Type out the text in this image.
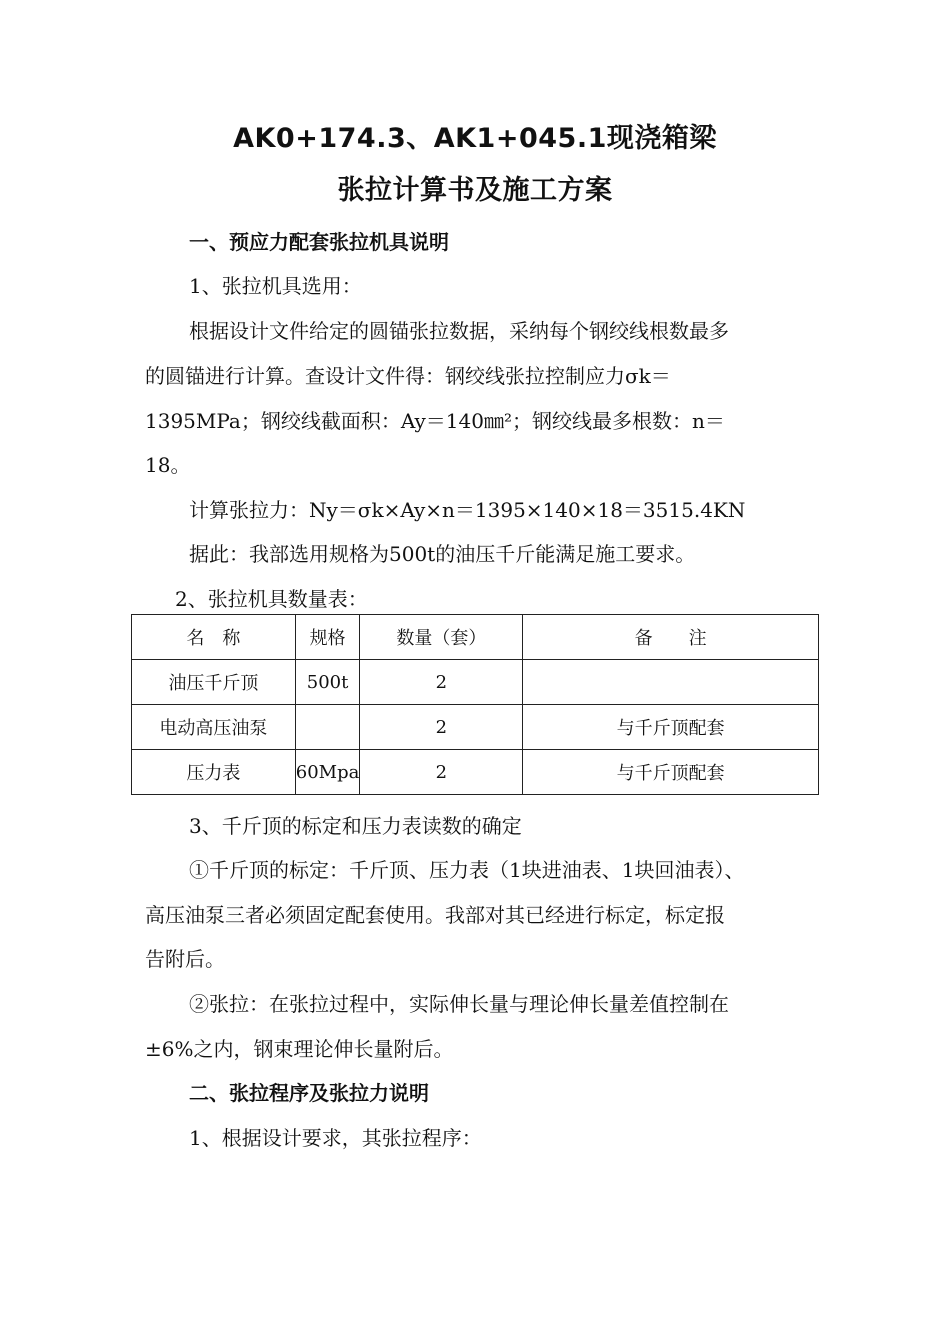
AK0+174.3、AK1+045.1现浇箱梁
张拉计算书及施工方案
一、预应力配套张拉机具说明
1、张拉机具选用：
根据设计文件给定的圆锚张拉数据，采纳每个钢绞线根数最多
的圆锚进行计算。查设计文件得：钢绞线张拉控制应力σk＝
1395MPa；钢绞线截面积：Ay＝140㎜²；钢绞线最多根数：n＝
18。
计算张拉力：Ny＝σk×Ay×n＝1395×140×18＝3515.4KN
据此：我部选用规格为500t的油压千斤能满足施工要求。
2、张拉机具数量表：
名　称	规格	数量（套）	备　　注
油压千斤顶	500t	2	
电动高压油泵		2	与千斤顶配套
压力表	60Mpa	2	与千斤顶配套
3、千斤顶的标定和压力表读数的确定
①千斤顶的标定：千斤顶、压力表（1块进油表、1块回油表）、
高压油泵三者必须固定配套使用。我部对其已经进行标定，标定报
告附后。
②张拉：在张拉过程中，实际伸长量与理论伸长量差值控制在
±6%之内，钢束理论伸长量附后。
二、张拉程序及张拉力说明
1、根据设计要求，其张拉程序：
